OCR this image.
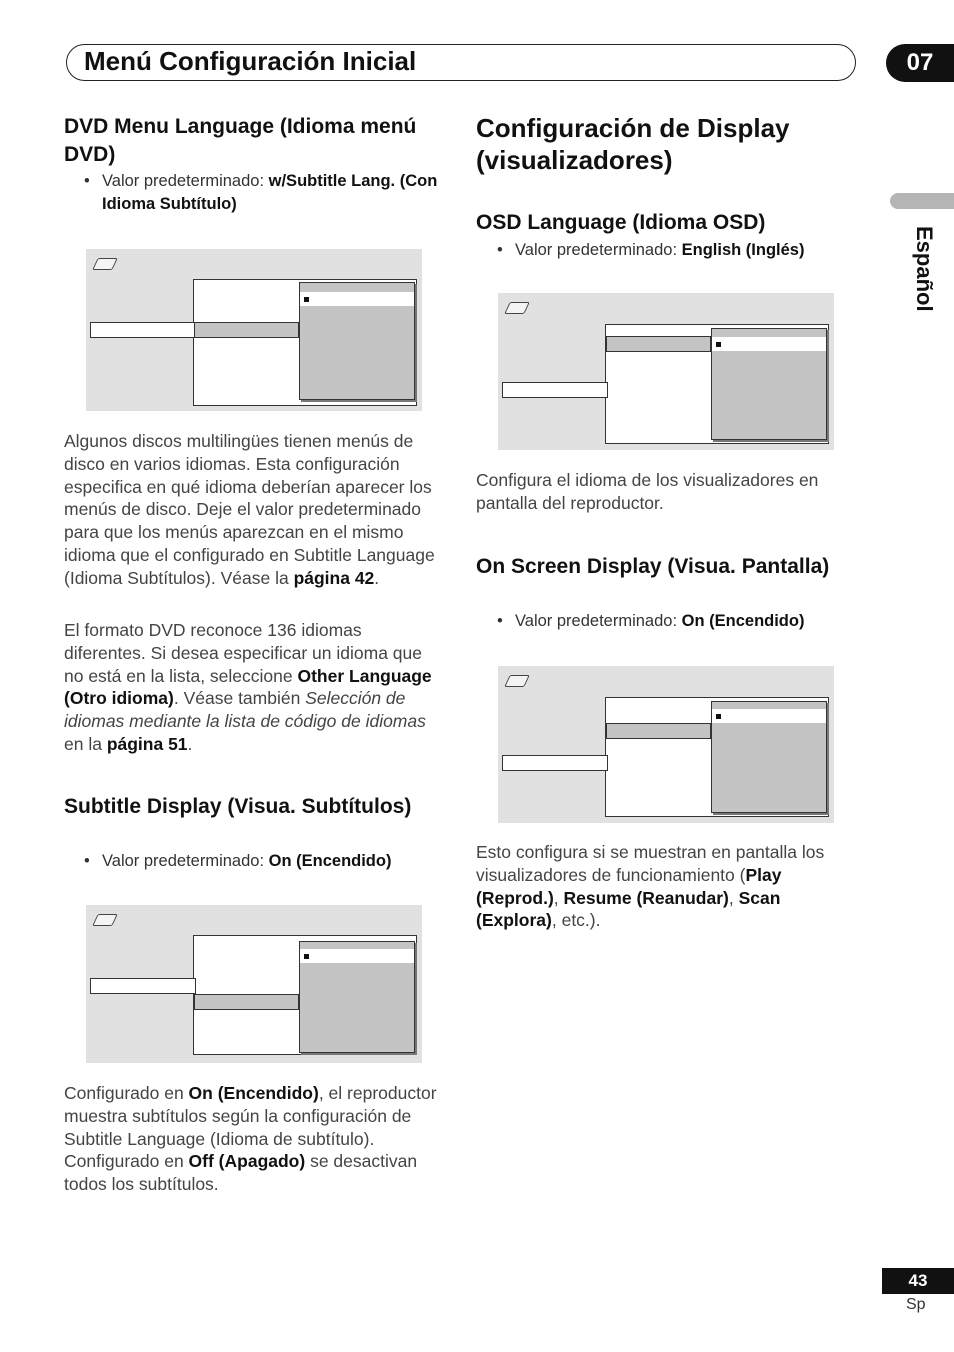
Menú Configuración Inicial	07
Español
DVD Menu Language (Idioma menú DVD)
• Valor predeterminado: w/Subtitle Lang. (Con Idioma Subtítulo)
Algunos discos multilingües tienen menús de disco en varios idiomas. Esta configuración especifica en qué idioma deberían aparecer los menús de disco. Deje el valor predeterminado para que los menús aparezcan en el mismo idioma que el configurado en Subtitle Language (Idioma Subtítulos). Véase la página 42.
El formato DVD reconoce 136 idiomas diferentes. Si desea especificar un idioma que no está en la lista, seleccione Other Language (Otro idioma). Véase también Selección de idiomas mediante la lista de código de idiomas en la página 51.
Subtitle Display (Visua. Subtítulos)
• Valor predeterminado: On (Encendido)
Configurado en On (Encendido), el reproductor muestra subtítulos según la configuración de Subtitle Language (Idioma de subtítulo). Configurado en Off (Apagado) se desactivan todos los subtítulos.
Configuración de Display (visualizadores)
OSD Language (Idioma OSD)
• Valor predeterminado: English (Inglés)
Configura el idioma de los visualizadores en pantalla del reproductor.
On Screen Display (Visua. Pantalla)
• Valor predeterminado: On (Encendido)
Esto configura si se muestran en pantalla los visualizadores de funcionamiento (Play (Reprod.), Resume (Reanudar), Scan (Explora), etc.).
43
Sp
